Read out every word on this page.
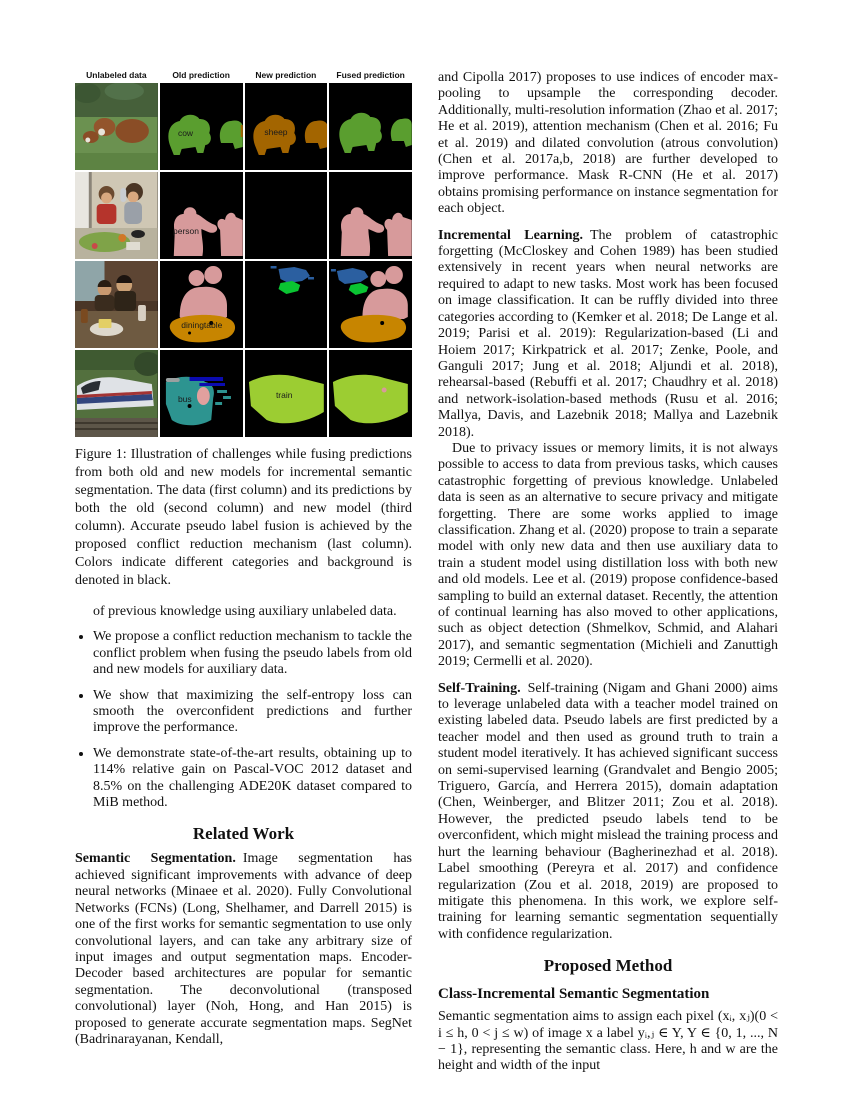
Unlabeled data	Old prediction	New prediction	Fused prediction
cow	sheep
person
diningtable
bus	train

Figure 1: Illustration of challenges while fusing predictions from both old and new models for incremental semantic segmentation. The data (first column) and its predictions by both the old (second column) and new model (third column). Accurate pseudo label fusion is achieved by the proposed conflict reduction mechanism (last column). Colors indicate different categories and background is denoted in black.

of previous knowledge using auxiliary unlabeled data.

• We propose a conflict reduction mechanism to tackle the conflict problem when fusing the pseudo labels from old and new models for auxiliary data.
• We show that maximizing the self-entropy loss can smooth the overconfident predictions and further improve the performance.
• We demonstrate state-of-the-art results, obtaining up to 114% relative gain on Pascal-VOC 2012 dataset and 8.5% on the challenging ADE20K dataset compared to MiB method.
Related Work

Semantic Segmentation. Image segmentation has achieved significant improvements with advance of deep neural networks (Minaee et al. 2020). Fully Convolutional Networks (FCNs) (Long, Shelhamer, and Darrell 2015) is one of the first works for semantic segmentation to use only convolutional layers, and can take any arbitrary size of input images and output segmentation maps. Encoder-Decoder based architectures are popular for semantic segmentation. The deconvolutional (transposed convolutional) layer (Noh, Hong, and Han 2015) is proposed to generate accurate segmentation maps. SegNet (Badrinarayanan, Kendall,

and Cipolla 2017) proposes to use indices of encoder max-pooling to upsample the corresponding decoder. Additionally, multi-resolution information (Zhao et al. 2017; He et al. 2019), attention mechanism (Chen et al. 2016; Fu et al. 2019) and dilated convolution (atrous convolution) (Chen et al. 2017a,b, 2018) are further developed to improve performance. Mask R-CNN (He et al. 2017) obtains promising performance on instance segmentation for each object.

Incremental Learning. The problem of catastrophic forgetting (McCloskey and Cohen 1989) has been studied extensively in recent years when neural networks are required to adapt to new tasks. Most work has been focused on image classification. It can be ruffly divided into three categories according to (Kemker et al. 2018; De Lange et al. 2019; Parisi et al. 2019): Regularization-based (Li and Hoiem 2017; Kirkpatrick et al. 2017; Zenke, Poole, and Ganguli 2017; Jung et al. 2018; Aljundi et al. 2018), rehearsal-based (Rebuffi et al. 2017; Chaudhry et al. 2018) and network-isolation-based methods (Rusu et al. 2016; Mallya, Davis, and Lazebnik 2018; Mallya and Lazebnik 2018).

Due to privacy issues or memory limits, it is not always possible to access to data from previous tasks, which causes catastrophic forgetting of previous knowledge. Unlabeled data is seen as an alternative to secure privacy and mitigate forgetting. There are some works applied to image classification. Zhang et al. (2020) propose to train a separate model with only new data and then use auxiliary data to train a student model using distillation loss with both new and old models. Lee et al. (2019) propose confidence-based sampling to build an external dataset. Recently, the attention of continual learning has also moved to other applications, such as object detection (Shmelkov, Schmid, and Alahari 2017), and semantic segmentation (Michieli and Zanuttigh 2019; Cermelli et al. 2020).

Self-Training. Self-training (Nigam and Ghani 2000) aims to leverage unlabeled data with a teacher model trained on existing labeled data. Pseudo labels are first predicted by a teacher model and then used as ground truth to train a student model iteratively. It has achieved significant success on semi-supervised learning (Grandvalet and Bengio 2005; Triguero, García, and Herrera 2015), domain adaptation (Chen, Weinberger, and Blitzer 2011; Zou et al. 2018). However, the predicted pseudo labels tend to be overconfident, which might mislead the training process and hurt the learning behaviour (Bagherinezhad et al. 2018). Label smoothing (Pereyra et al. 2017) and confidence regularization (Zou et al. 2018, 2019) are proposed to mitigate this phenomena. In this work, we explore self-training for learning semantic segmentation sequentially with confidence regularization.

Proposed Method
Class-Incremental Semantic Segmentation

Semantic segmentation aims to assign each pixel (xᵢ, xⱼ)(0 < i ≤ h, 0 < j ≤ w) of image x a label yᵢ,ⱼ ∈ Y, Y ∈ {0, 1, ..., N − 1}, representing the semantic class. Here, h and w are the height and width of the input
